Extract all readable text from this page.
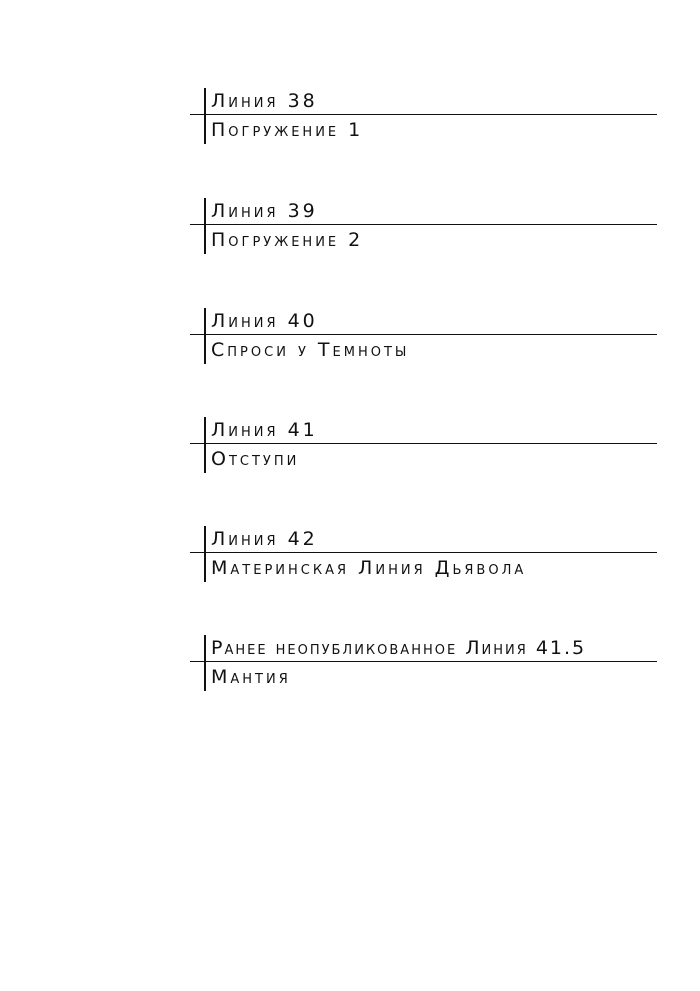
Линия 38
Погружение 1
Линия 39
Погружение 2
Линия 40
Спроси у Темноты
Линия 41
Отступи
Линия 42
Материнская Линия Дьявола
Ранее неопубликованное Линия 41.5
Мантия
